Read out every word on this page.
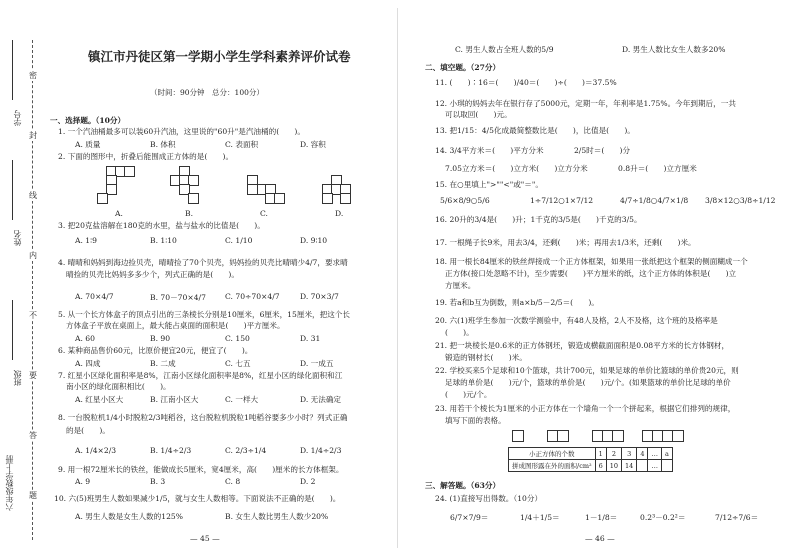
六年级数学上册
班级
姓名
学号
密
封
线
内
不
要
答
题
镇江市丹徒区第一学期小学生学科素养评价试卷
（时间：90分钟　总分：100分）
一、选择题。（10分）
1. 一个汽油桶最多可以装60升汽油，这里说的"60升"是汽油桶的(　　)。
A. 质量	B. 体积	C. 表面积	D. 容积
2. 下面的图形中，折叠后能围成正方体的是(　　)。
A.	B.	C.	D.
3. 把20克盐溶解在180克的水里，盐与盐水的比值是(　　)。
A. 1∶9	B. 1∶10	C. 1/10	D. 9∶10
4. 晴晴和妈妈到海边捡贝壳，晴晴捡了70个贝壳，妈妈捡的贝壳比晴晴少4/7，要求晴
晴捡的贝壳比妈妈多多少个，列式正确的是(　　)。
A. 70×4/7	B. 70－70×4/7	C. 70÷70×4/7	D. 70×3/7
5. 从一个长方体盒子的顶点引出的三条棱长分别是10厘米，6厘米，15厘米，把这个长
方体盒子平放在桌面上，最大能占桌面的面积是(　　)平方厘米。
A. 60	B. 90	C. 150	D. 31
6. 某种商品售价60元，比原价便宜20元，便宜了(　　)。
A. 四成	B. 二成	C. 七五	D. 一成五
7. 红星小区绿化面积率是8%，江南小区绿化面积率是8%，红星小区的绿化面积和江
南小区的绿化面积相比(　　)。
A. 红星小区大	B. 江南小区大	C. 一样大	D. 无法确定
8. 一台脱粒机1/4小时脱粒2/3吨稻谷，这台脱粒机脱粒1吨稻谷要多少小时？列式正确
的是(　　)。
A. 1/4×2/3	B. 1/4÷2/3	C. 2/3÷1/4	D. 1/4÷2/3
9. 用一根72厘米长的铁丝，能做成长5厘米，宽4厘米，高(　　)厘米的长方体框架。
A. 9	B. 3	C. 8	D. 2
10. 六(5)班男生人数如果减少1/5，就与女生人数相等。下面说法不正确的是(　　)。
A. 男生人数是女生人数的125%	B. 女生人数比男生人数少20%
— 45 —
C. 男生人数占全班人数的5/9	D. 男生人数比女生人数多20%
二、填空题。（27分）
11. (　　)∶16＝(　　)/40＝(　　)÷(　　)＝37.5%
12. 小琪的妈妈去年在银行存了5000元，定期一年，年利率是1.75%。今年到期后，一共
可以取回(　　)元。
13. 把1/15：4/5化成最简整数比是(　　)，比值是(　　)。
14. 3/4平方米＝(　　)平方分米　　　　2/5时＝(　　)分
7.05立方米＝(　　)立方米(　　)立方分米　　　　0.8升＝(　　)立方厘米
15. 在○里填上">""<"或"＝"。
5/6×8/9○5/6	1÷7/12○1×7/12	4/7÷1/8○4/7×1/8 3/8×12○3/8÷1/12
16. 20升的3/4是(　　)升；1千克的3/5是(　　)千克的3/5。
17. 一根绳子长9米，用去3/4，还剩(　　)米；再用去1/3米，还剩(　　)米。
18. 用一根长84厘米的铁丝焊接成一个正方体框架，如果用一张纸把这个框架的侧面糊成一个
正方体(接口处忽略不计)，至少需要(　　)平方厘米的纸，这个正方体的体积是(　　)立
方厘米。
19. 若a和b互为倒数，则a×b/5－2/5＝(　　)。
20. 六(1)班学生参加一次数学测验中，有48人及格，2人不及格，这个班的及格率是
(　　)。
21. 把一块棱长是0.6米的正方体钢坯，锻造成横截面面积是0.08平方米的长方体钢材，
锻造的钢材长(　　)米。
22. 学校买来5个足球和10个篮球，共计700元，如果足球的单价比篮球的单价贵20元，则
足球的单价是(　　)元/个，篮球的单价是(　　)元/个。(如果篮球的单价比足球的单价
(　　)元/个。
23. 用若干个棱长为1厘米的小正方体在一个墙角一个一个拼起来，根据它们排列的规律，
填写下面的表格。
小正方体的个数	1	2	3	4	…	a
拼成图形露在外的面积/cm²	6	10	14		…	
三、解答题。（63分）
24. (1)直接写出得数。（10分）
6/7×7/9＝	1/4＋1/5＝	1－1/8＝	0.2³－0.2²＝	7/12÷7/6＝
— 46 —
